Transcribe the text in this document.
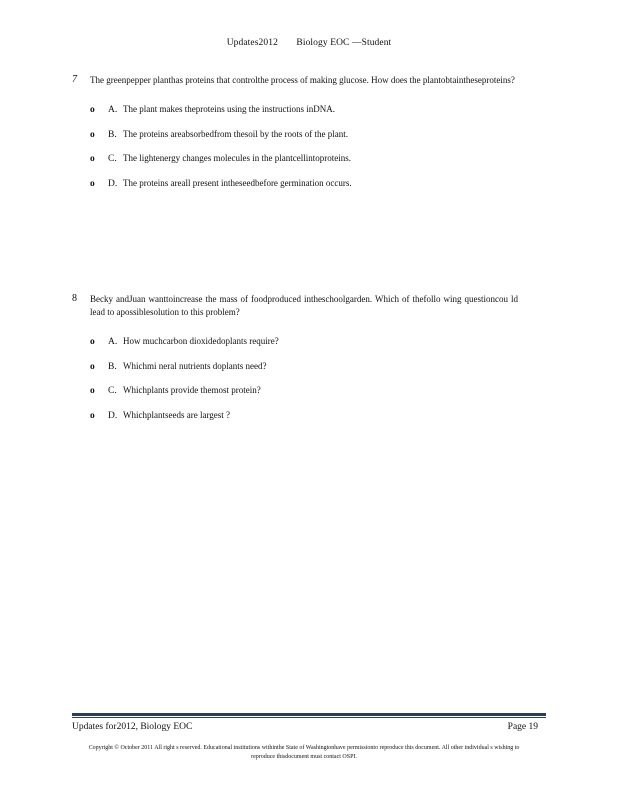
Updates2012 Biology EOC —Student
7 The greenpepper planthas proteins that controlthe process of making glucose. How does the plantobtaintheseproteins?
o	A. The plant makes theproteins using the instructions inDNA.
o	B. The proteins areabsorbedfrom thesoil by the roots of the plant.
o	C. The lightenergy changes molecules in the plantcellintoproteins.
o	D. The proteins areall present intheseedbefore germination occurs.
8 Becky andJuan wanttoincrease the mass of foodproduced intheschoolgarden. Which of thefollo wing questioncou ld lead to apossiblesolution to this problem?
o	A. How muchcarbon dioxidedoplants require?
o	B. Whichmi neral nutrients doplants need?
o	C. Whichplants provide themost protein?
o	D. Whichplantseeds are largest ?
Updates for2012, Biology EOC	Page 19
Copyright © October 2011 All right s reserved. Educational institutions withinthe State of Washingtonhave permissionto reproduce this document. All other individual s wishing to reproduce thisdocument must contact OSPI.
